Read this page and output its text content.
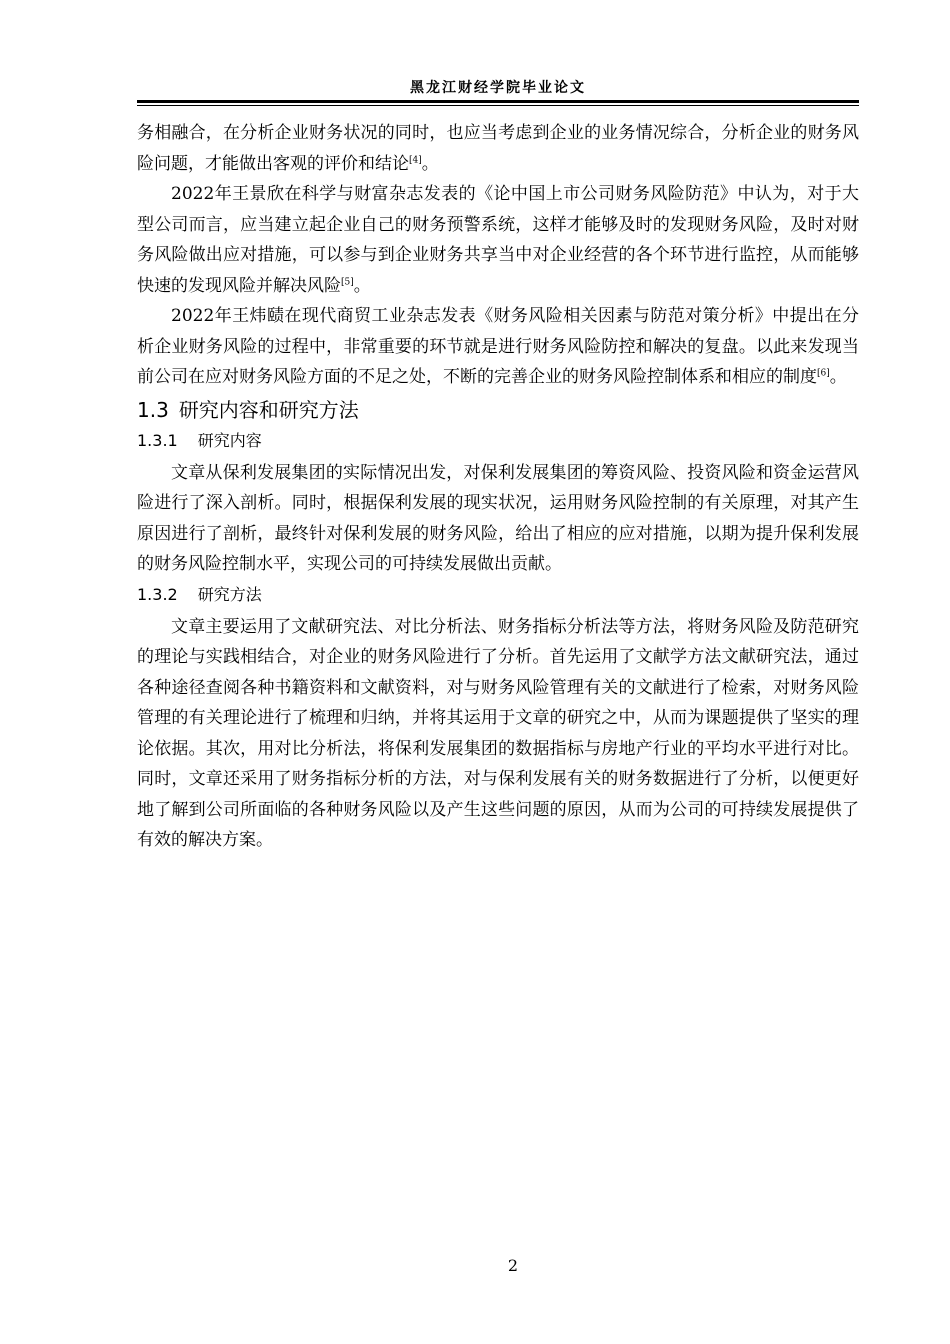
黑龙江财经学院毕业论文

务相融合，在分析企业财务状况的同时，也应当考虑到企业的业务情况综合，分析企业的财务风险问题，才能做出客观的评价和结论[4]。

2022年王景欣在科学与财富杂志发表的《论中国上市公司财务风险防范》中认为，对于大型公司而言，应当建立起企业自己的财务预警系统，这样才能够及时的发现财务风险，及时对财务风险做出应对措施，可以参与到企业财务共享当中对企业经营的各个环节进行监控，从而能够快速的发现风险并解决风险[5]。

2022年王炜赜在现代商贸工业杂志发表《财务风险相关因素与防范对策分析》中提出在分析企业财务风险的过程中，非常重要的环节就是进行财务风险防控和解决的复盘。以此来发现当前公司在应对财务风险方面的不足之处，不断的完善企业的财务风险控制体系和相应的制度[6]。

1.3 研究内容和研究方法
1.3.1 研究内容

文章从保利发展集团的实际情况出发，对保利发展集团的筹资风险、投资风险和资金运营风险进行了深入剖析。同时，根据保利发展的现实状况，运用财务风险控制的有关原理，对其产生原因进行了剖析，最终针对保利发展的财务风险，给出了相应的应对措施，以期为提升保利发展的财务风险控制水平，实现公司的可持续发展做出贡献。

1.3.2 研究方法

文章主要运用了文献研究法、对比分析法、财务指标分析法等方法，将财务风险及防范研究的理论与实践相结合，对企业的财务风险进行了分析。首先运用了文献学方法文献研究法，通过各种途径查阅各种书籍资料和文献资料，对与财务风险管理有关的文献进行了检索，对财务风险管理的有关理论进行了梳理和归纳，并将其运用于文章的研究之中，从而为课题提供了坚实的理论依据。其次，用对比分析法，将保利发展集团的数据指标与房地产行业的平均水平进行对比。同时，文章还采用了财务指标分析的方法，对与保利发展有关的财务数据进行了分析，以便更好地了解到公司所面临的各种财务风险以及产生这些问题的原因，从而为公司的可持续发展提供了有效的解决方案。

2
